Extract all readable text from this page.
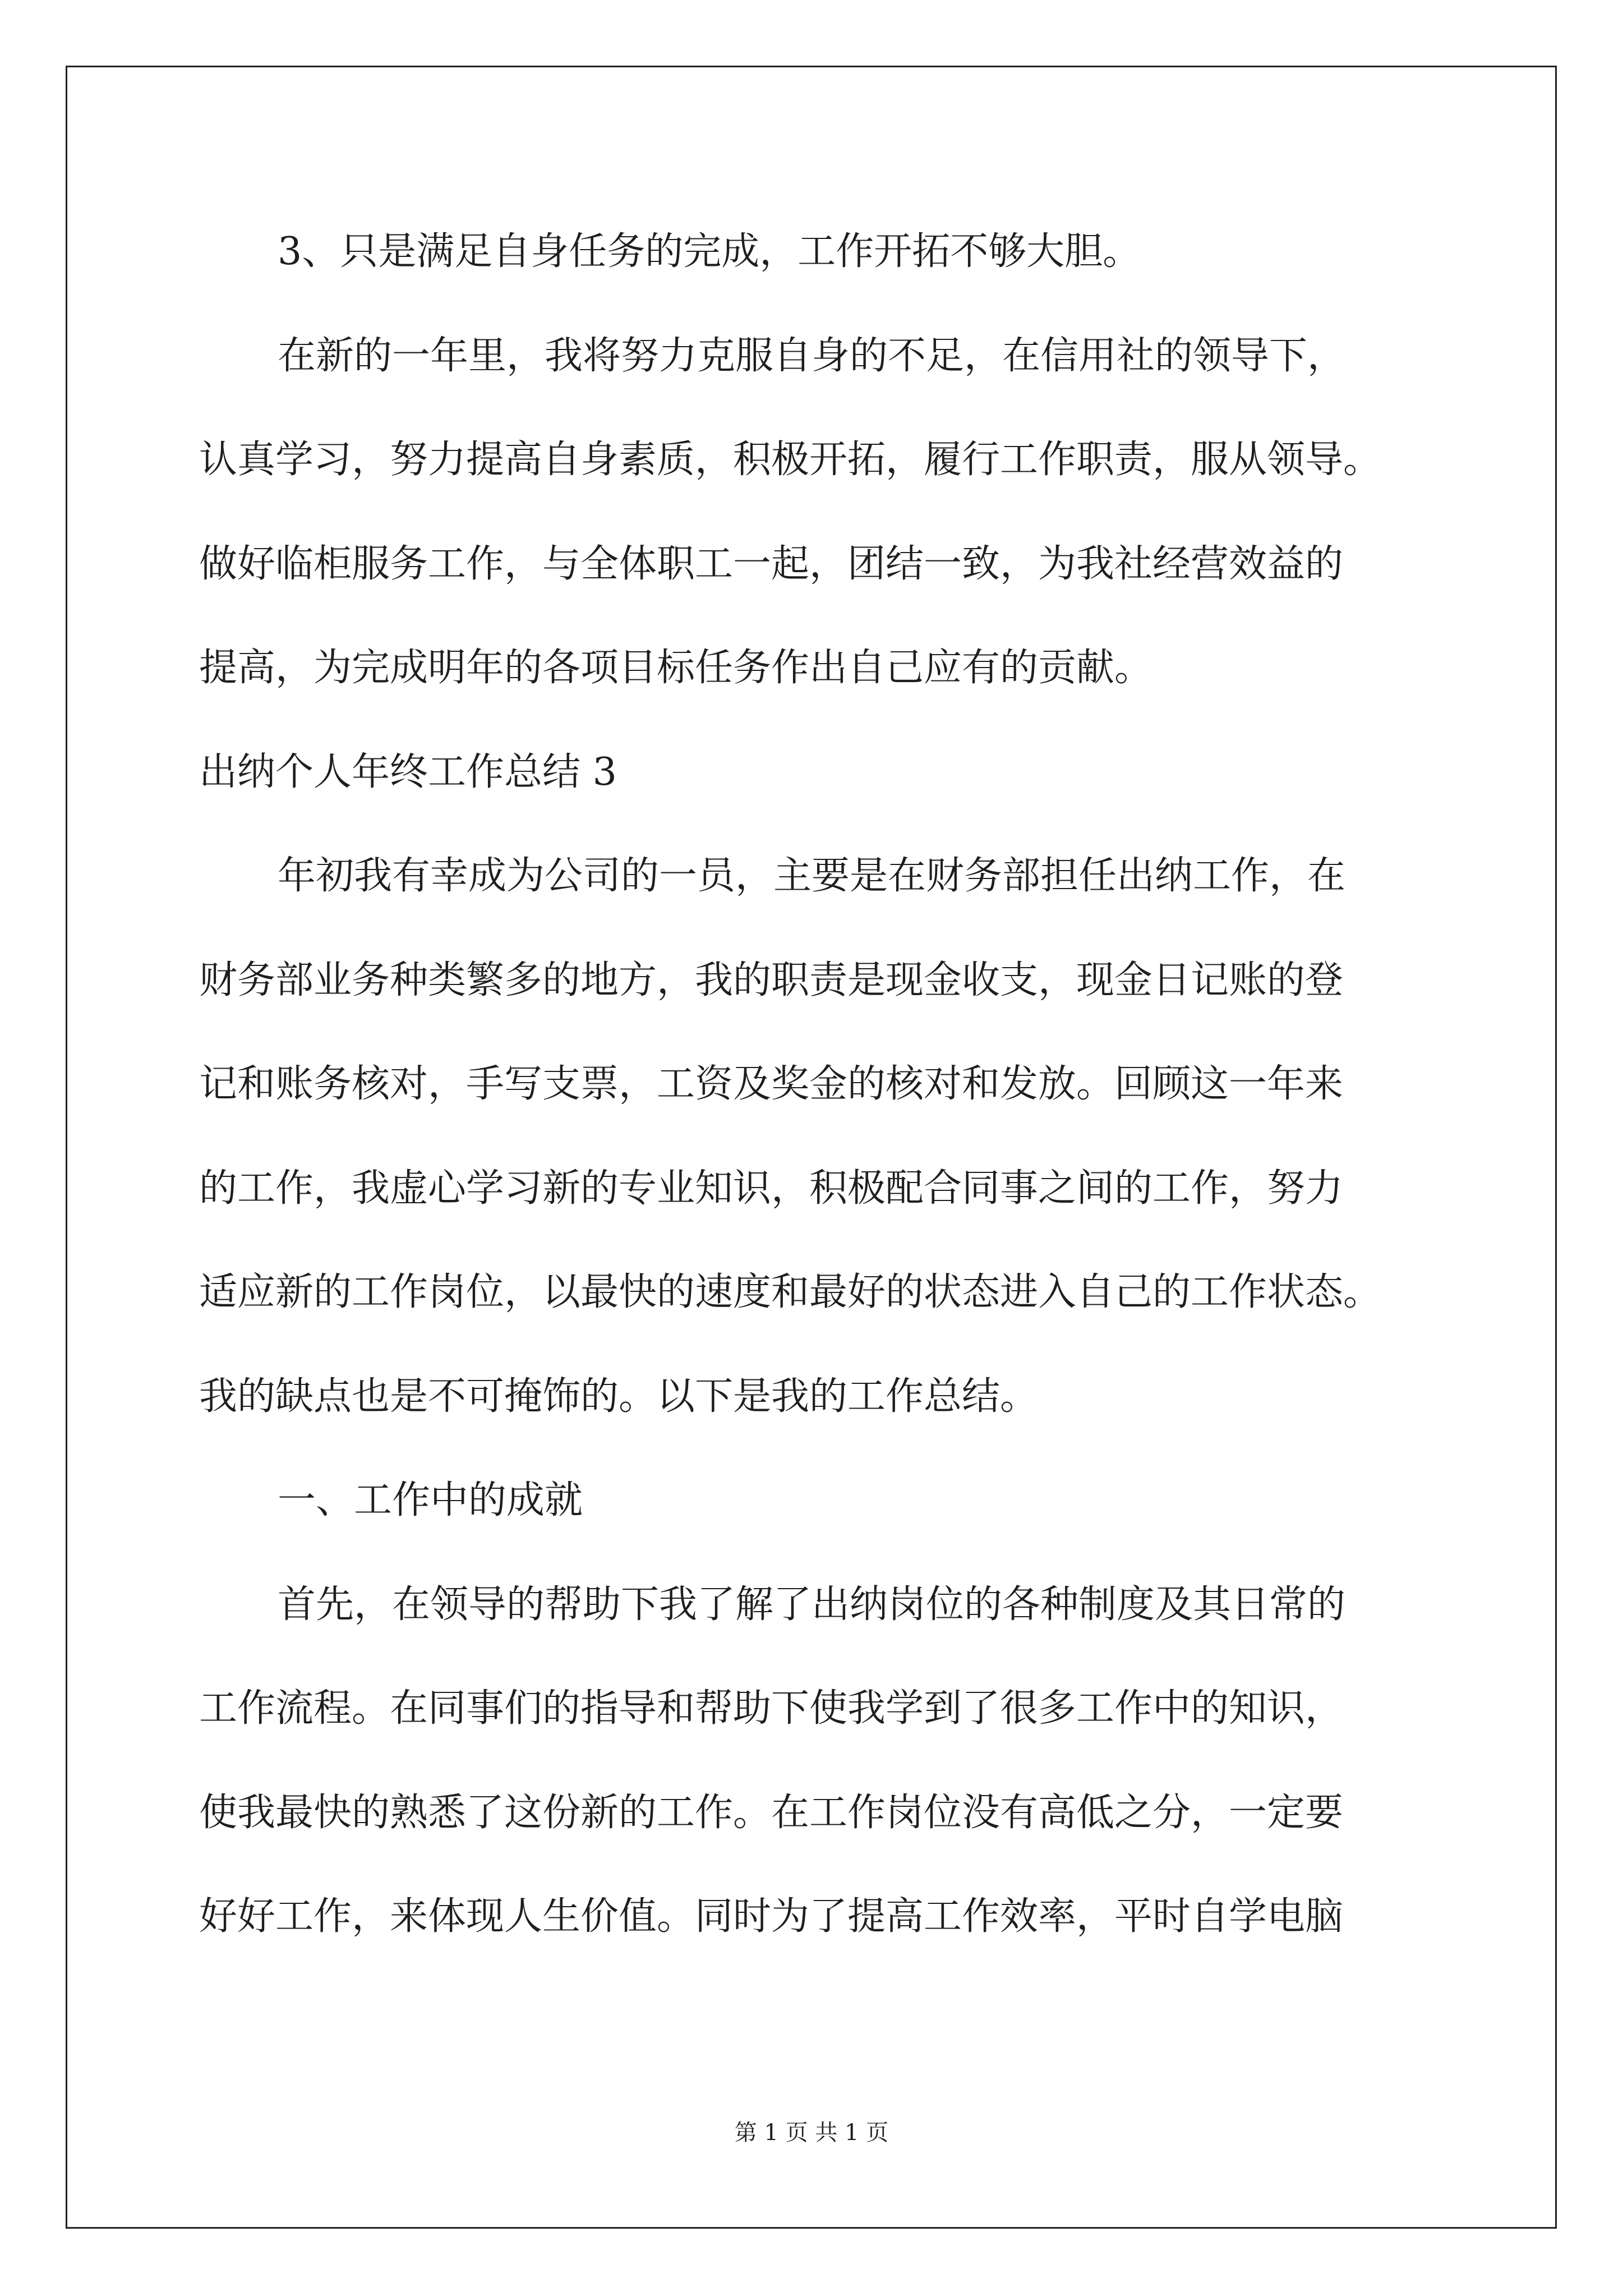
3、只是满足自身任务的完成，工作开拓不够大胆。
在新的一年里，我将努力克服自身的不足，在信用社的领导下，
认真学习，努力提高自身素质，积极开拓，履行工作职责，服从领导。
做好临柜服务工作，与全体职工一起，团结一致，为我社经营效益的
提高，为完成明年的各项目标任务作出自己应有的贡献。
出纳个人年终工作总结 3
年初我有幸成为公司的一员，主要是在财务部担任出纳工作，在
财务部业务种类繁多的地方，我的职责是现金收支，现金日记账的登
记和账务核对，手写支票，工资及奖金的核对和发放。回顾这一年来
的工作，我虚心学习新的专业知识，积极配合同事之间的工作，努力
适应新的工作岗位，以最快的速度和最好的状态进入自己的工作状态。
我的缺点也是不可掩饰的。以下是我的工作总结。
一、工作中的成就
首先，在领导的帮助下我了解了出纳岗位的各种制度及其日常的
工作流程。在同事们的指导和帮助下使我学到了很多工作中的知识，
使我最快的熟悉了这份新的工作。在工作岗位没有高低之分，一定要
好好工作，来体现人生价值。同时为了提高工作效率，平时自学电脑
第 1 页 共 1 页
